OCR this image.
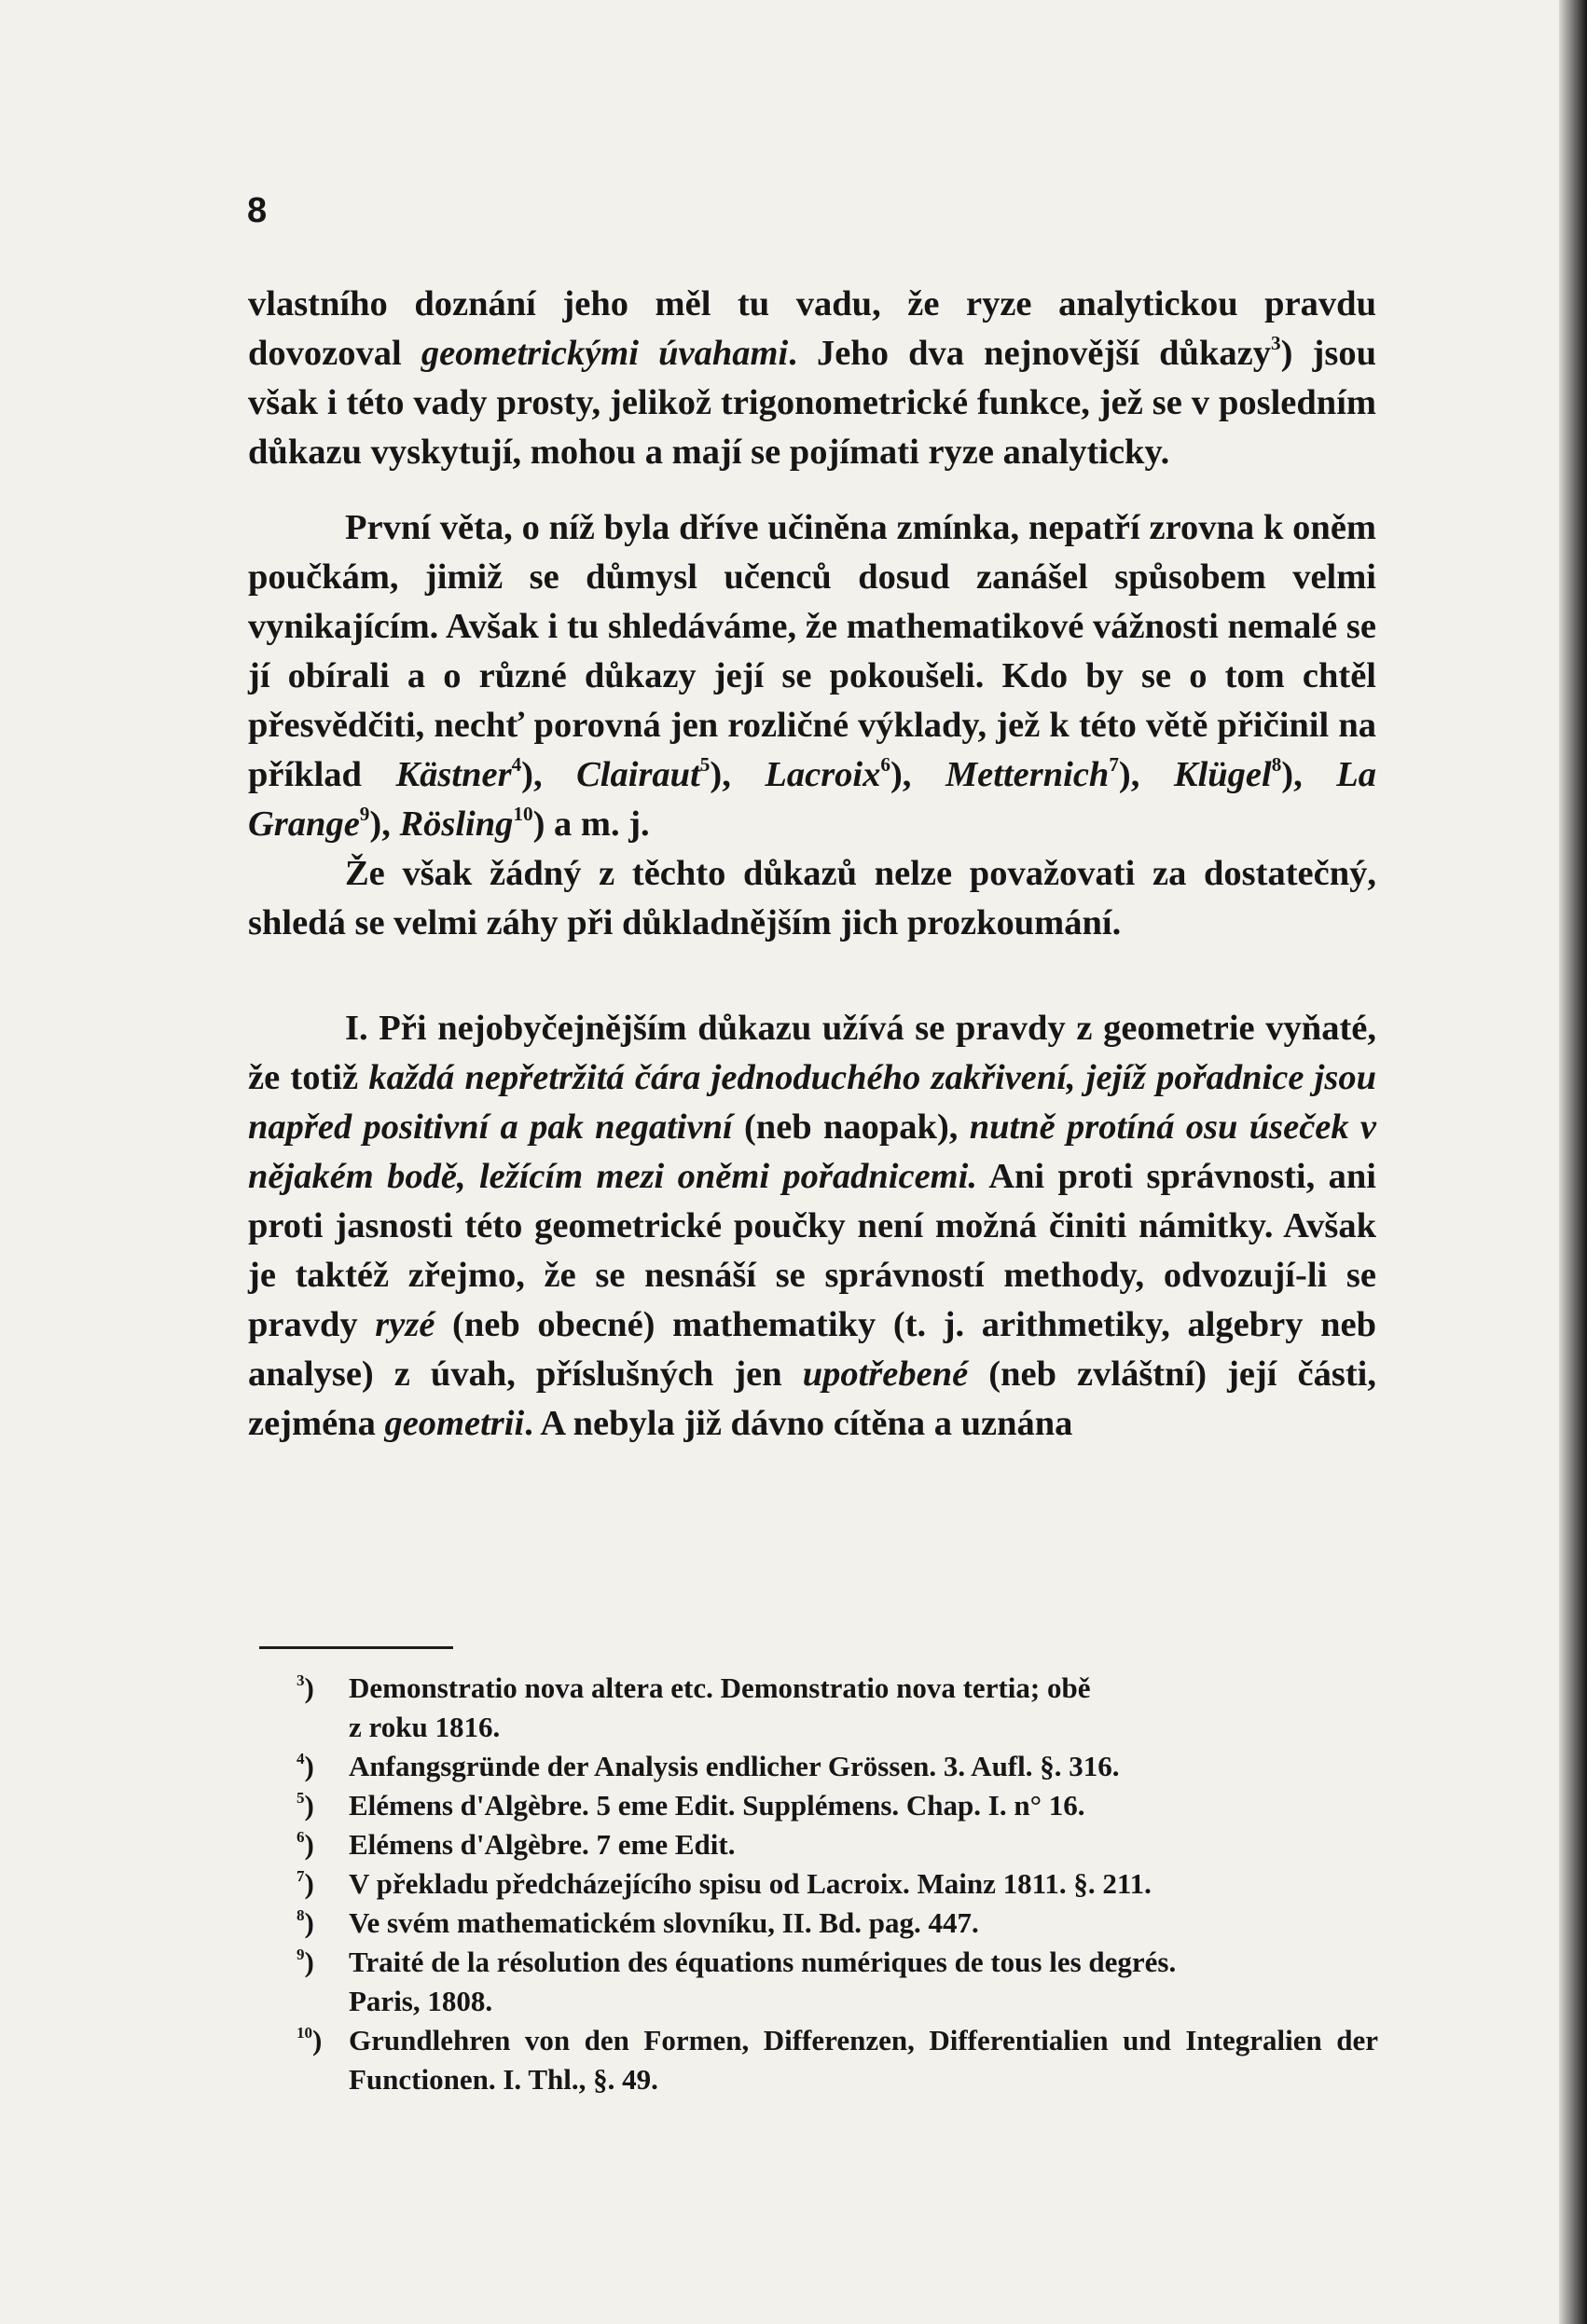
8

vlastního doznání jeho měl tu vadu, že ryze analytickou pravdu dovozoval geometrickými úvahami. Jeho dva nejnovější důkazy$^3$) jsou však i této vady prosty, jelikož trigonometrické funkce, jež se v posledním důkazu vyskytují, mohou a mají se pojímati ryze analyticky.

První věta, o níž byla dříve učiněna zmínka, nepatří zrovna k oněm poučkám, jimiž se důmysl učenců dosud zanášel spůsobem velmi vynikajícím. Avšak i tu shledáváme, že mathematikové vážnosti nemalé se jí obírali a o různé důkazy její se pokoušeli. Kdo by se o tom chtěl přesvědčiti, nechť porovná jen rozličné výklady, jež k této větě přičinil na příklad Kästner$^4$), Clairaut$^5$), Lacroix$^6$), Metternich$^7$), Klügel$^8$), La Grange$^9$), Rösling$^{10}$) a m. j.

Že však žádný z těchto důkazů nelze považovati za dostatečný, shledá se velmi záhy při důkladnějším jich prozkoumání.

I. Při nejobyčejnějším důkazu užívá se pravdy z geometrie vyňaté, že totiž každá nepřetržitá čára jednoduchého zakřivení, jejíž pořadnice jsou napřed positivní a pak negativní (neb naopak), nutně protíná osu úseček v nějakém bodě, ležícím mezi oněmi pořadnicemi. Ani proti správnosti, ani proti jasnosti této geometrické poučky není možná činiti námitky. Avšak je taktéž zřejmo, že se nesnáší se správností methody, odvozují-li se pravdy ryzé (neb obecné) mathematiky (t. j. arithmetiky, algebry neb analyse) z úvah, příslušných jen upotřebené (neb zvláštní) její části, zejména geometrii. A nebyla již dávno cítěna a uznána

$^3$)	Demonstratio nova altera etc. Demonstratio nova tertia; obě
z roku 1816.
$^4$)	Anfangsgründe der Analysis endlicher Grössen. 3. Aufl. §. 316.
$^5$)	Elémens d'Algèbre. 5 eme Edit. Supplémens. Chap. I. n° 16.
$^6$)	Elémens d'Algèbre. 7 eme Edit.
$^7$)	V překladu předcházejícího spisu od Lacroix. Mainz 1811. §. 211.
$^8$)	Ve svém mathematickém slovníku, II. Bd. pag. 447.
$^9$)	Traité de la résolution des équations numériques de tous les degrés.
Paris, 1808.
$^{10}$) Grundlehren von den Formen, Differenzen, Differentialien und Integralien der Functionen. I. Thl., §. 49.
